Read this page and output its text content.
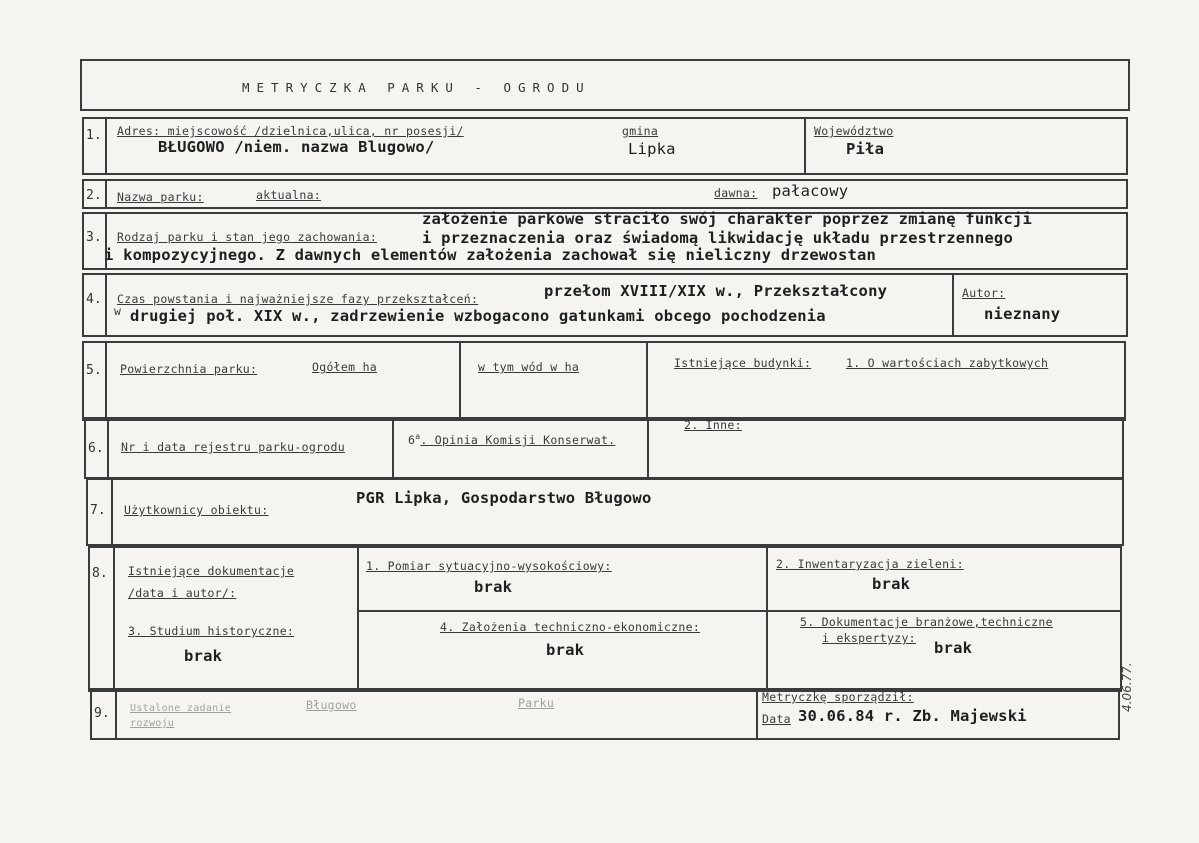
METRYCZKA PARKU - OGRODU
1. Adres: miejscowość /dzielnica,ulica, nr posesji/
BŁUGOWO /niem. nazwa Blugowo/
gmina
Lipka
Województwo
Piła
2. Nazwa parku:	aktualna:	dawna: pałacowy
3. Rodzaj parku i stan jego zachowania:
założenie parkowe straciło swój charakter poprzez zmianę funkcji
i przeznaczenia oraz świadomą likwidację układu przestrzennego
i kompozycyjnego. Z dawnych elementów założenia zachował się nieliczny drzewostan
4. Czas powstania i najważniejsze fazy przekształceń:	przełom XVIII/XIX w., Przekształcony
w drugiej poł. XIX w., zadrzewienie wzbogacono gatunkami obcego pochodzenia
Autor:
nieznany
5. Powierzchnia parku:	Ogółem ha	w tym wód w ha	Istniejące budynki:	1. O wartościach zabytkowych
6. Nr i data rejestru parku-ogrodu
6$^a$. Opinia Komisji Konserwat.
2. Inne:
7. Użytkownicy obiektu:
PGR Lipka, Gospodarstwo Bługowo
8. Istniejące dokumentacje
/data i autor/:
1. Pomiar sytuacyjno-wysokościowy:
brak
2. Inwentaryzacja zieleni:
brak
3. Studium historyczne:
brak
4. Założenia techniczno-ekonomiczne:
brak
5. Dokumentacje branżowe,techniczne
i ekspertyzy:
brak
9. Ustalone zadanie
rozwoju
Bługowo	Parku	Metryczkę sporządził:
Data 30.06.84 r. Zb. Majewski
4.06.77.
